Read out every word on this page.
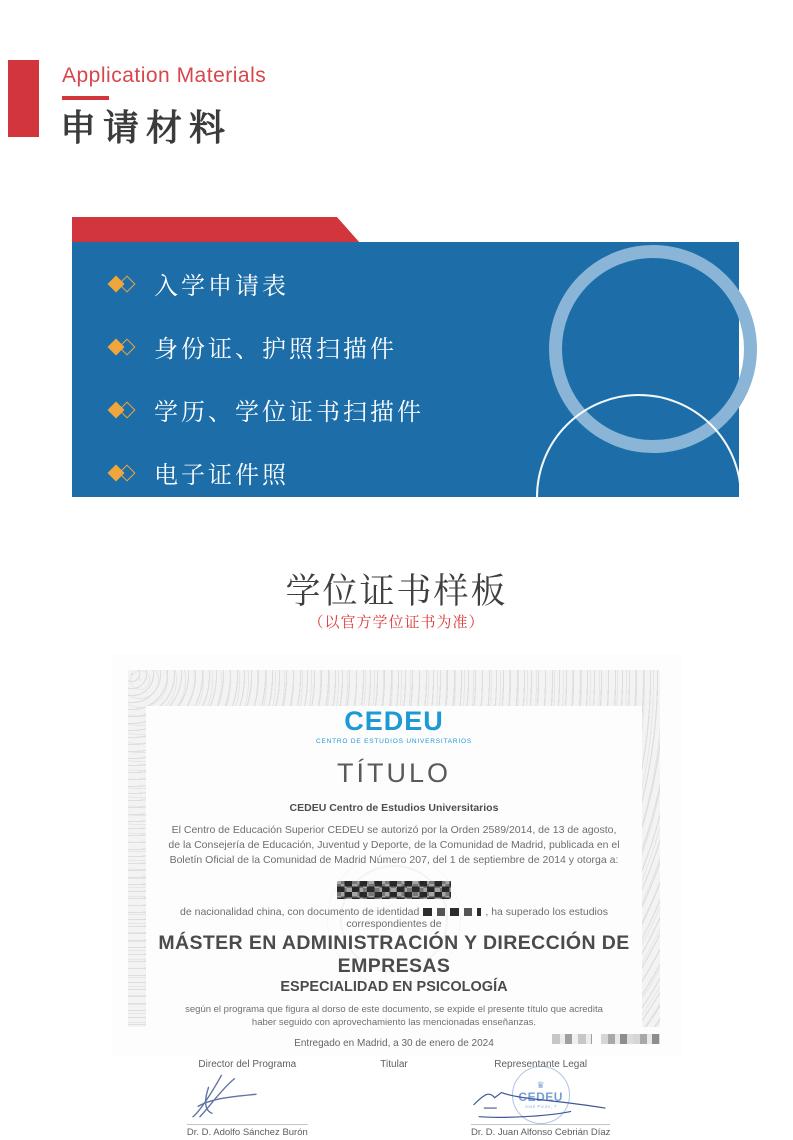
Application Materials
申请材料
入学申请表
身份证、护照扫描件
学历、学位证书扫描件
电子证件照
学位证书样板
（以官方学位证书为准）
CEDEU
CENTRO DE ESTUDIOS UNIVERSITARIOS
TÍTULO
CEDEU Centro de Estudios Universitarios
El Centro de Educación Superior CEDEU se autorizó por la Orden 2589/2014, de 13 de agosto, de la Consejería de Educación, Juventud y Deporte, de la Comunidad de Madrid, publicada en el Boletín Oficial de la Comunidad de Madrid Número 207, del 1 de septiembre de 2014 y otorga a:
de nacionalidad china, con documento de identidad	, ha superado los estudios correspondientes de
MÁSTER EN ADMINISTRACIÓN Y DIRECCIÓN DE EMPRESAS
ESPECIALIDAD EN PSICOLOGÍA
según el programa que figura al dorso de este documento, se expide el presente título que acredita haber seguido con aprovechamiento las mencionadas enseñanzas.
Entregado en Madrid, a 30 de enero de 2024
Director del Programa
Dr. D. Adolfo Sánchez Burón
Titular	Representante Legal
♛
CEDEU
José Picón, 7
Dr. D. Juan Alfonso Cebrián Díaz
